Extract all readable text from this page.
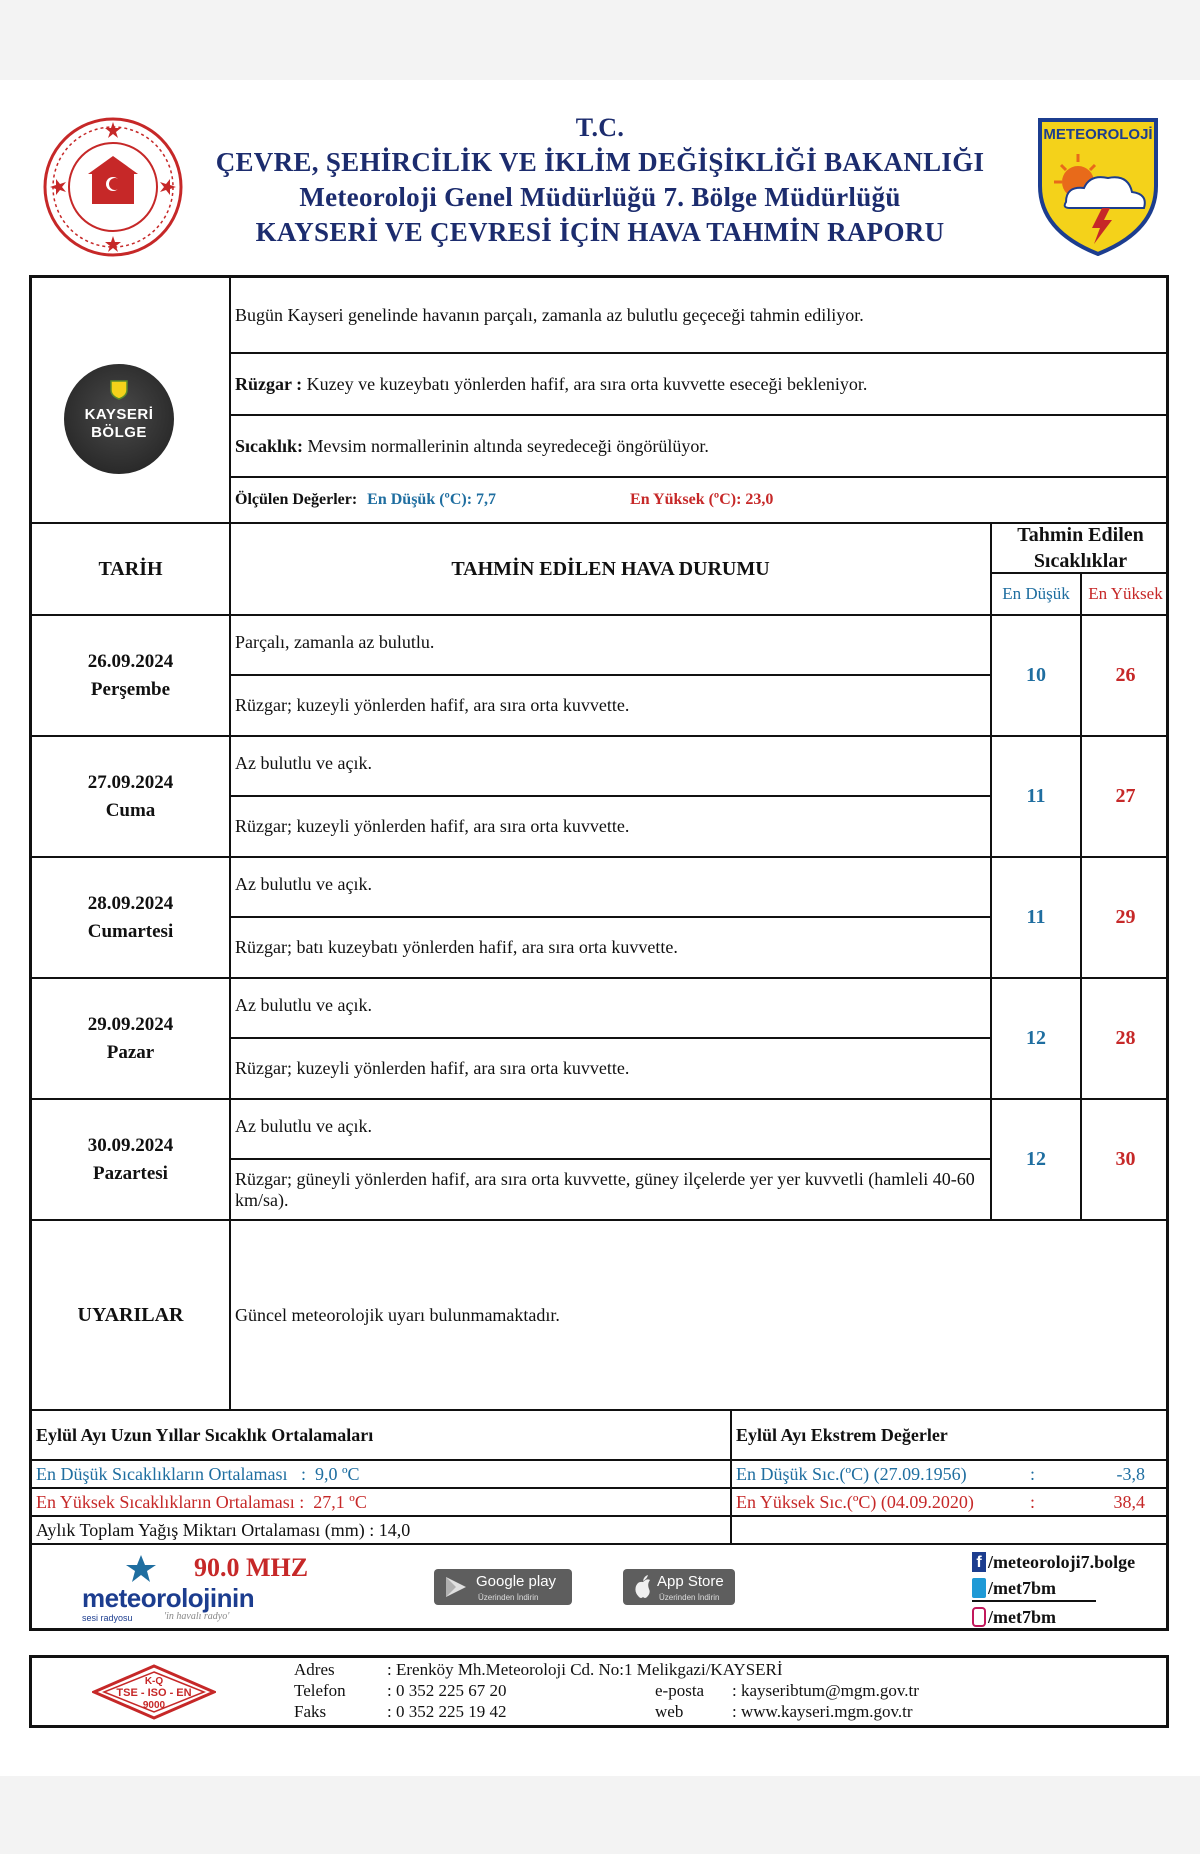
T.C.
ÇEVRE, ŞEHİRCİLİK VE İKLİM DEĞİŞİKLİĞİ BAKANLIĞI
Meteoroloji Genel Müdürlüğü 7. Bölge Müdürlüğü
KAYSERİ VE ÇEVRESİ İÇİN HAVA TAHMİN RAPORU
METEOROLOJİ
KAYSERİ
BÖLGE
Bugün Kayseri genelinde havanın parçalı, zamanla az bulutlu geçeceği tahmin ediliyor.
Rüzgar : Kuzey ve kuzeybatı yönlerden hafif, ara sıra orta kuvvette eseceği bekleniyor.
Sıcaklık: Mevsim normallerinin altında seyredeceği öngörülüyor.
Ölçülen Değerler: En Düşük (ºC): 7,7	En Yüksek (ºC): 23,0
TARİH	TAHMİN EDİLEN HAVA DURUMU
Tahmin Edilen Sıcaklıklar
En Düşük En Yüksek
26.09.2024
Perşembe
Parçalı, zamanla az bulutlu.
Rüzgar; kuzeyli yönlerden hafif, ara sıra orta kuvvette.
10	26
27.09.2024
Cuma
Az bulutlu ve açık.
Rüzgar; kuzeyli yönlerden hafif, ara sıra orta kuvvette.
11	27
28.09.2024
Cumartesi
Az bulutlu ve açık.
Rüzgar; batı kuzeybatı yönlerden hafif, ara sıra orta kuvvette.
11	29
29.09.2024
Pazar
Az bulutlu ve açık.
Rüzgar; kuzeyli yönlerden hafif, ara sıra orta kuvvette.
12	28
30.09.2024
Pazartesi
Az bulutlu ve açık.
Rüzgar; güneyli yönlerden hafif, ara sıra orta kuvvette, güney ilçelerde yer yer kuvvetli (hamleli 40-60 km/sa).
12	30
UYARILAR	Güncel meteorolojik uyarı bulunmamaktadır.
Eylül Ayı Uzun Yıllar Sıcaklık Ortalamaları	Eylül Ayı Ekstrem Değerler
En Düşük Sıcaklıkların Ortalaması   :  9,0 ºC	En Düşük Sıc.(ºC) (27.09.1956)	:	-3,8
En Yüksek Sıcaklıkların Ortalaması :  27,1 ºC	En Yüksek Sıc.(ºC) (04.09.2020)	:	38,4
Aylık Toplam Yağış Miktarı Ortalaması (mm) : 14,0
90.0 MHZ
meteorolojinin
sesi radyosu	'in havalı radyo'
Google play
Üzerinden İndirin
App Store
Üzerinden İndirin
f /meteoroloji7.bolge
/met7bm
/met7bm
K-Q
TSE - ISO - EN
9000
Adres	: Erenköy Mh.Meteoroloji Cd. No:1 Melikgazi/KAYSERİ
Telefon : 0 352 225 67 20
Faks	: 0 352 225 19 42
e-posta : kayseribtum@mgm.gov.tr
web	: www.kayseri.mgm.gov.tr
